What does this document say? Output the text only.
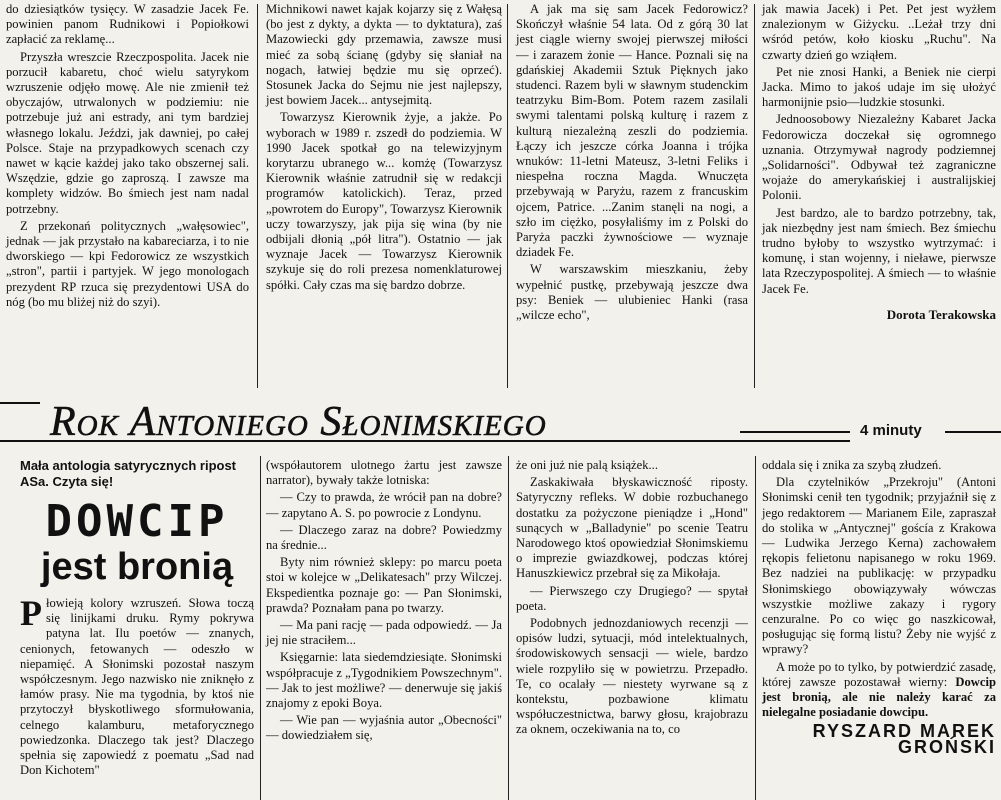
do dziesiątków tysięcy. W zasadzie Jacek Fe. powinien panom Rudnikowi i Popiołkowi zapłacić za reklamę...

Przyszła wreszcie Rzeczpospolita. Jacek nie porzucił kabaretu, choć wielu satyrykom wzruszenie odjęło mowę. Ale nie zmienił też obyczajów, utrwalonych w podziemiu: nie potrzebuje już ani estrady, ani tym bardziej własnego lokalu. Jeździ, jak dawniej, po całej Polsce. Staje na przypadkowych scenach czy nawet w kącie każdej jako tako obszernej sali. Wszędzie, gdzie go zaproszą. I zawsze ma komplety widzów. Bo śmiech jest nam nadal potrzebny.

Z przekonań politycznych „wałęsowiec", jednak — jak przystało na kabareciarza, i to nie dworskiego — kpi Fedorowicz ze wszystkich „stron", partii i partyjek. W jego monologach prezydent RP rzuca się prezydentowi USA do nóg (bo mu bliżej niż do szyi).

Michnikowi nawet kajak kojarzy się z Wałęsą (bo jest z dykty, a dykta — to dyktatura), zaś Mazowiecki gdy przemawia, zawsze musi mieć za sobą ścianę (gdyby się słaniał na nogach, łatwiej będzie mu się oprzeć). Stosunek Jacka do Sejmu nie jest najlepszy, jest bowiem Jacek... antysejmitą.

Towarzysz Kierownik żyje, a jakże. Po wyborach w 1989 r. zszedł do podziemia. W 1990 Jacek spotkał go na telewizyjnym korytarzu ubranego w... komżę (Towarzysz Kierownik właśnie zatrudnił się w redakcji programów katolickich). Teraz, przed „powrotem do Europy", Towarzysz Kierownik uczy towarzyszy, jak pija się wina (by nie odbijali dłonią „pół litra"). Ostatnio — jak wyznaje Jacek — Towarzysz Kierownik szykuje się do roli prezesa nomenklaturowej spółki. Cały czas ma się bardzo dobrze.

A jak ma się sam Jacek Fedorowicz? Skończył właśnie 54 lata. Od z górą 30 lat jest ciągle wierny swojej pierwszej miłości — i zarazem żonie — Hance. Poznali się na gdańskiej Akademii Sztuk Pięknych jako studenci. Razem byli w sławnym studenckim teatrzyku Bim-Bom. Potem razem zasilali swymi talentami polską kulturę i razem z kulturą niezależną zeszli do podziemia. Łączy ich jeszcze córka Joanna i trójka wnuków: 11-letni Mateusz, 3-letni Feliks i niespełna roczna Magda. Wnuczęta przebywają w Paryżu, razem z francuskim ojcem, Patrice. ...Zanim stanęli na nogi, a szło im ciężko, posyłaliśmy im z Polski do Paryża paczki żywnościowe — wyznaje dziadek Fe.

W warszawskim mieszkaniu, żeby wypełnić pustkę, przebywają jeszcze dwa psy: Beniek — ulubieniec Hanki (rasa „wilcze echo",

jak mawia Jacek) i Pet. Pet jest wyżłem znalezionym w Giżycku. ..Leżał trzy dni wśród petów, koło kiosku „Ruchu". Na czwarty dzień go wziąłem.

Pet nie znosi Hanki, a Beniek nie cierpi Jacka. Mimo to jakoś udaje im się ułożyć harmonijnie psio—ludzkie stosunki.

Jednoosobowy Niezależny Kabaret Jacka Fedorowicza doczekał się ogromnego uznania. Otrzymywał nagrody podziemnej „Solidarności". Odbywał też zagraniczne wojaże do amerykańskiej i australijskiej Polonii.

Jest bardzo, ale to bardzo potrzebny, tak, jak niezbędny jest nam śmiech. Bez śmiechu trudno byłoby to wszystko wytrzymać: i komunę, i stan wojenny, i nieławe, pierwsze lata Rzeczypospolitej. A śmiech — to właśnie Jacek Fe.

Dorota Terakowska
Rok Antoniego Słonimskiego	4 minuty
Mała antologia satyrycznych ripost ASa. Czyta się!
DOWCIP
jest bronią

Płowieją kolory wzruszeń. Słowa toczą się linijkami druku. Rymy pokrywa patyna lat. Ilu poetów — znanych, cenionych, fetowanych — odeszło w niepamięć. A Słonimski pozostał naszym współczesnym. Jego nazwisko nie zniknęło z łamów prasy. Nie ma tygodnia, by ktoś nie przytoczył błyskotliwego sformułowania, celnego kalamburu, metaforycznego powiedzonka. Dlaczego tak jest? Dlaczego spełnia się zapowiedź z poematu „Sad nad Don Kichotem"

(współautorem ulotnego żartu jest zawsze narrator), bywały także lotniska:

— Czy to prawda, że wrócił pan na dobre? — zapytano A. S. po powrocie z Londynu.

— Dlaczego zaraz na dobre? Powiedzmy na średnie...

Byty nim również sklepy: po marcu poeta stoi w kolejce w „Delikatesach" przy Wilczej. Ekspedientka poznaje go: — Pan Słonimski, prawda? Poznałam pana po twarzy.

— Ma pani rację — pada odpowiedź. — Ja jej nie straciłem...

Księgarnie: lata siedemdziesiąte. Słonimski współpracuje z „Tygodnikiem Powszechnym". — Jak to jest możliwe? — denerwuje się jakiś znajomy z epoki Boya.

— Wie pan — wyjaśnia autor „Obecności" — dowiedziałem się,

że oni już nie palą książek...

Zaskakiwała błyskawiczność riposty. Satyryczny refleks. W dobie rozbuchanego dostatku za pożyczone pieniądze i „Hond" sunących w „Balladynie" po scenie Teatru Narodowego ktoś opowiedział Słonimskiemu o imprezie gwiazdkowej, podczas której Hanuszkiewicz przebrał się za Mikołaja.

— Pierwszego czy Drugiego? — spytał poeta.

Podobnych jednozdaniowych recenzji — opisów ludzi, sytuacji, mód intelektualnych, środowiskowych sensacji — wiele, bardzo wiele rozpyliło się w powietrzu. Przepadło. Te, co ocalały — niestety wyrwane są z kontekstu, pozbawione klimatu współuczestnictwa, barwy głosu, krajobrazu za oknem, oczekiwania na to, co

oddala się i znika za szybą złudzeń.

Dla czytelników „Przekroju" (Antoni Słonimski cenił ten tygodnik; przyjaźnił się z jego redaktorem — Marianem Eile, zapraszał do stolika w „Antycznej" goścía z Krakowa — Ludwika Jerzego Kerna) zachowałem rękopis felietonu napisanego w roku 1969. Bez nadziei na publikację: w przypadku Słonimskiego obowiązywały wówczas wszystkie możliwe zakazy i rygory cenzuralne. Po co więc go naszkicował, posługując się formą listu? Żeby nie wyjść z wprawy?

A może po to tylko, by potwierdzić zasadę, której zawsze pozostawał wierny: Dowcip jest bronią, ale nie należy karać za nielegalne posiadanie dowcipu.

RYSZARD MAREK GROŃSKI
